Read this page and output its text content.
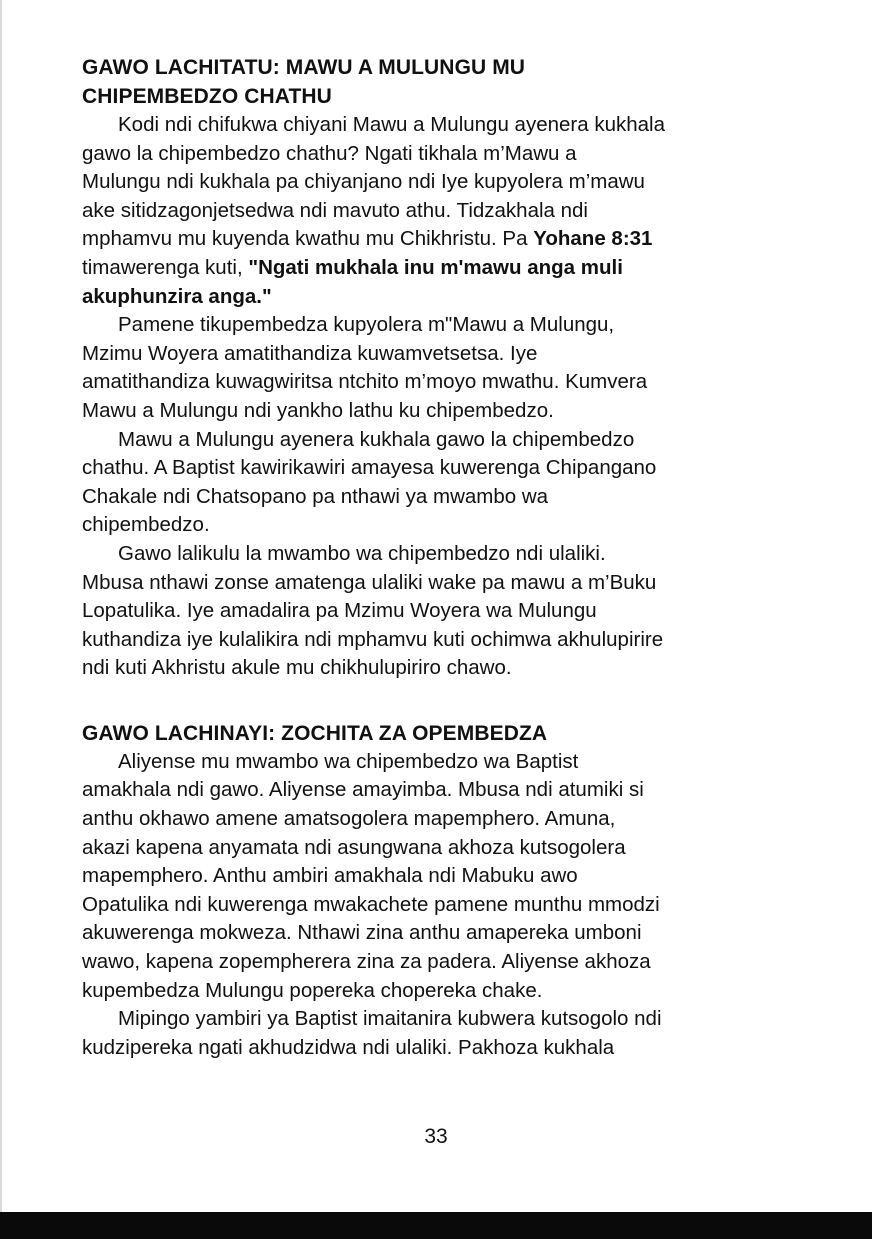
GAWO LACHITATU: MAWU A MULUNGU MU
CHIPEMBEDZO CHATHU

Kodi ndi chifukwa chiyani Mawu a Mulungu ayenera kukhala
gawo la chipembedzo chathu? Ngati tikhala m’Mawu a
Mulungu ndi kukhala pa chiyanjano ndi Iye kupyolera m’mawu
ake sitidzagonjetsedwa ndi mavuto athu. Tidzakhala ndi
mphamvu mu kuyenda kwathu mu Chikhristu. Pa Yohane 8:31
timawerenga kuti, "Ngati mukhala inu m'mawu anga muli
akuphunzira anga."

Pamene tikupembedza kupyolera m"Mawu a Mulungu,
Mzimu Woyera amatithandiza kuwamvetsetsa. Iye
amatithandiza kuwagwiritsa ntchito m’moyo mwathu. Kumvera
Mawu a Mulungu ndi yankho lathu ku chipembedzo.

Mawu a Mulungu ayenera kukhala gawo la chipembedzo
chathu. A Baptist kawirikawiri amayesa kuwerenga Chipangano
Chakale ndi Chatsopano pa nthawi ya mwambo wa
chipembedzo.

Gawo lalikulu la mwambo wa chipembedzo ndi ulaliki.
Mbusa nthawi zonse amatenga ulaliki wake pa mawu a m’Buku
Lopatulika. Iye amadalira pa Mzimu Woyera wa Mulungu
kuthandiza iye kulalikira ndi mphamvu kuti ochimwa akhulupirire
ndi kuti Akhristu akule mu chikhulupiriro chawo.

GAWO LACHINAYI: ZOCHITA ZA OPEMBEDZA

Aliyense mu mwambo wa chipembedzo wa Baptist
amakhala ndi gawo. Aliyense amayimba. Mbusa ndi atumiki si
anthu okhawo amene amatsogolera mapemphero. Amuna,
akazi kapena anyamata ndi asungwana akhoza kutsogolera
mapemphero. Anthu ambiri amakhala ndi Mabuku awo
Opatulika ndi kuwerenga mwakachete pamene munthu mmodzi
akuwerenga mokweza. Nthawi zina anthu amapereka umboni
wawo, kapena zopempherera zina za padera. Aliyense akhoza
kupembedza Mulungu popereka chopereka chake.

Mipingo yambiri ya Baptist imaitanira kubwera kutsogolo ndi
kudzipereka ngati akhudzidwa ndi ulaliki. Pakhoza kukhala

33
